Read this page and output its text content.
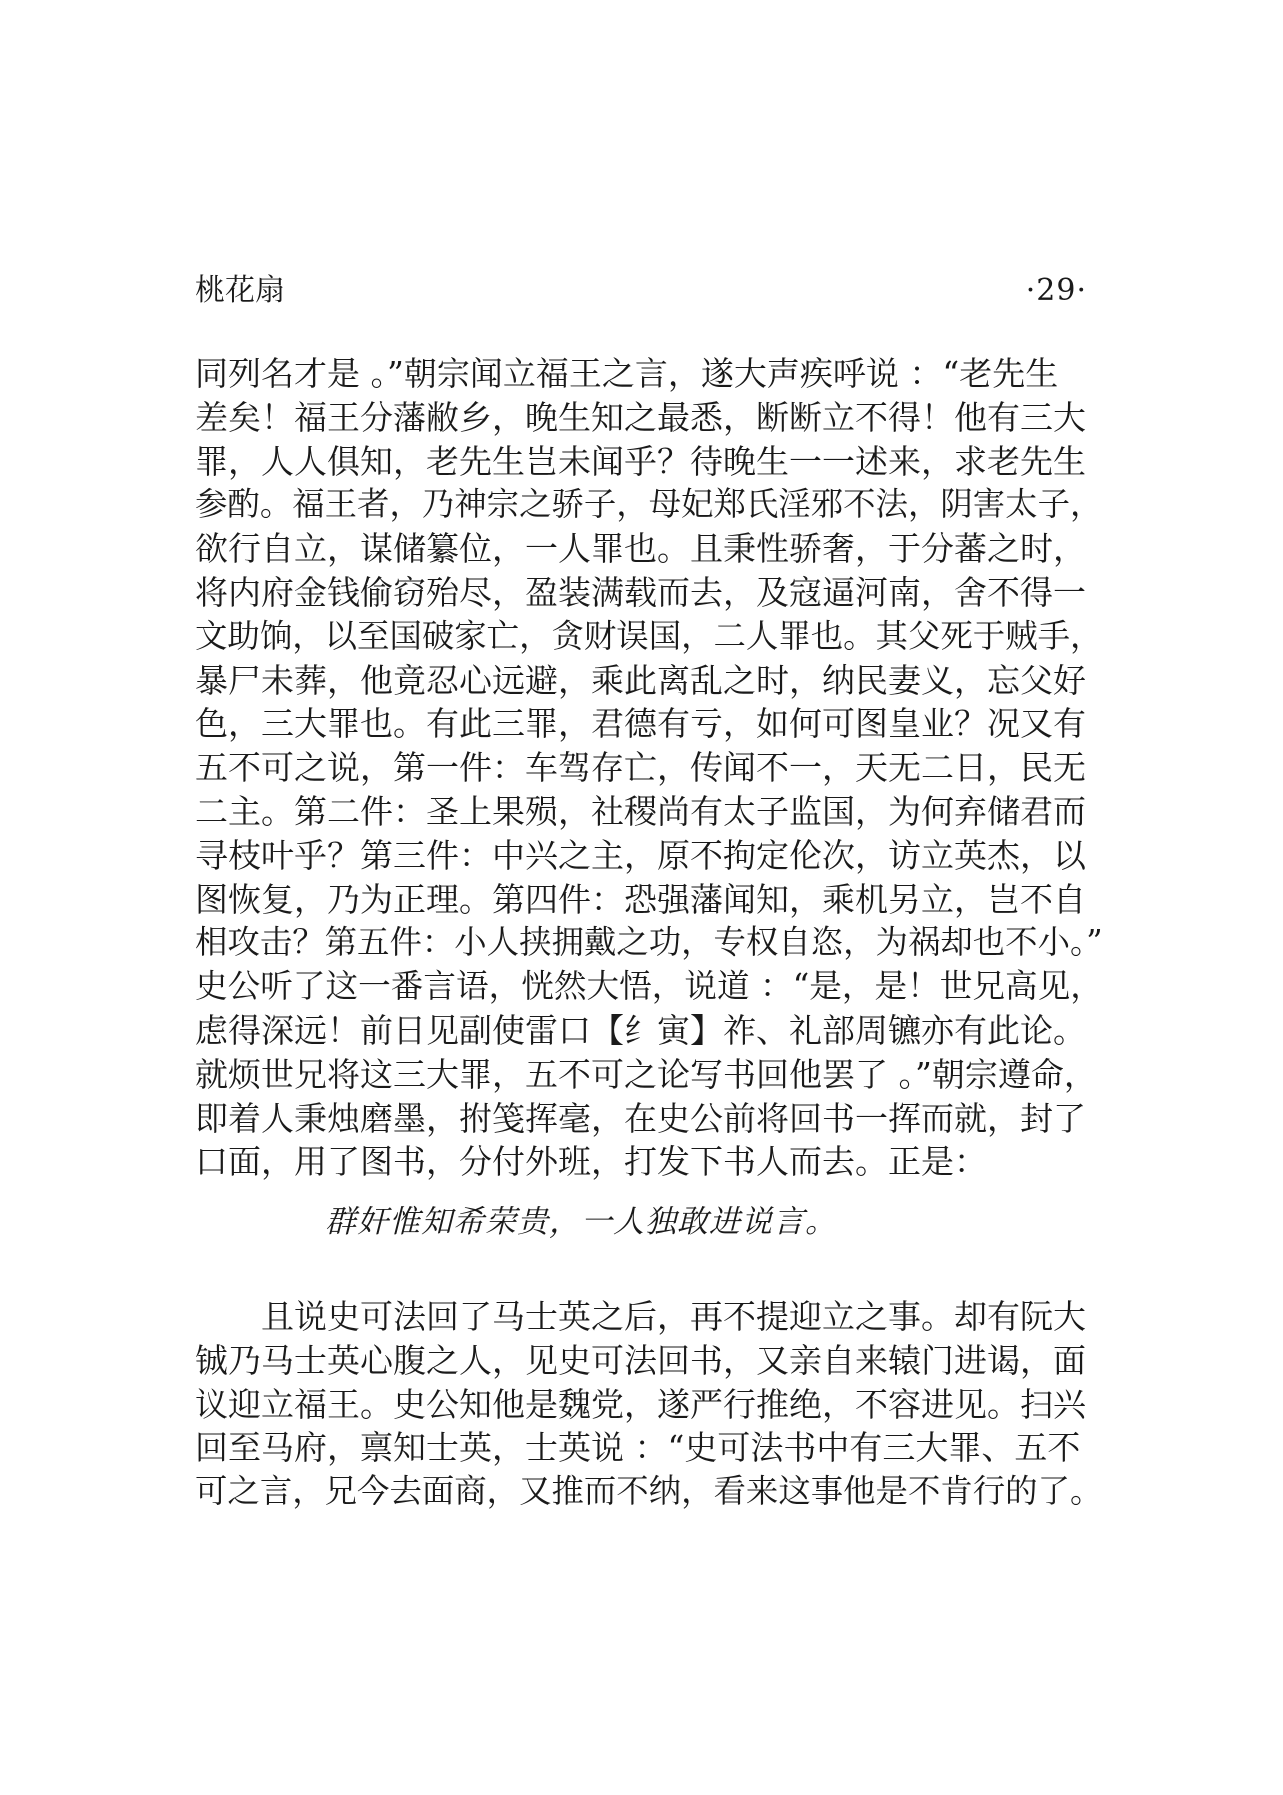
桃花扇	·29·
同列名才是 。”朝宗闻立福王之言，遂大声疾呼说 ：“老先生
差矣！福王分藩敝乡，晚生知之最悉，断断立不得！他有三大
罪，人人俱知，老先生岂未闻乎？待晚生一一述来，求老先生
参酌。福王者，乃神宗之骄子，母妃郑氏淫邪不法，阴害太子，
欲行自立，谋储纂位，一人罪也。且秉性骄奢，于分蕃之时，
将内府金钱偷窃殆尽，盈装满载而去，及寇逼河南，舍不得一
文助饷，以至国破家亡，贪财误国，二人罪也。其父死于贼手，
暴尸未葬，他竟忍心远避，乘此离乱之时，纳民妻义，忘父好
色，三大罪也。有此三罪，君德有亏，如何可图皇业？况又有
五不可之说，第一件：车驾存亡，传闻不一，天无二日，民无
二主。第二件：圣上果殒，社稷尚有太子监国，为何弃储君而
寻枝叶乎？第三件：中兴之主，原不拘定伦次，访立英杰，以
图恢复，乃为正理。第四件：恐强藩闻知，乘机另立，岂不自
相攻击？第五件：小人挟拥戴之功，专权自恣，为祸却也不小。”
史公听了这一番言语，恍然大悟，说道 ：“是，是！世兄高见，
虑得深远！前日见副使雷口【纟寅】祚、礼部周镳亦有此论。
就烦世兄将这三大罪，五不可之论写书回他罢了 。”朝宗遵命，
即着人秉烛磨墨，拊笺挥毫，在史公前将回书一挥而就，封了
口面，用了图书，分付外班，打发下书人而去。正是：
群奸惟知希荣贵，一人独敢进说言。
　　且说史可法回了马士英之后，再不提迎立之事。却有阮大
铖乃马士英心腹之人，见史可法回书，又亲自来辕门进谒，面
议迎立福王。史公知他是魏党，遂严行推绝，不容进见。扫兴
回至马府，禀知士英，士英说 ：“史可法书中有三大罪、五不
可之言，兄今去面商，又推而不纳，看来这事他是不肯行的了。
